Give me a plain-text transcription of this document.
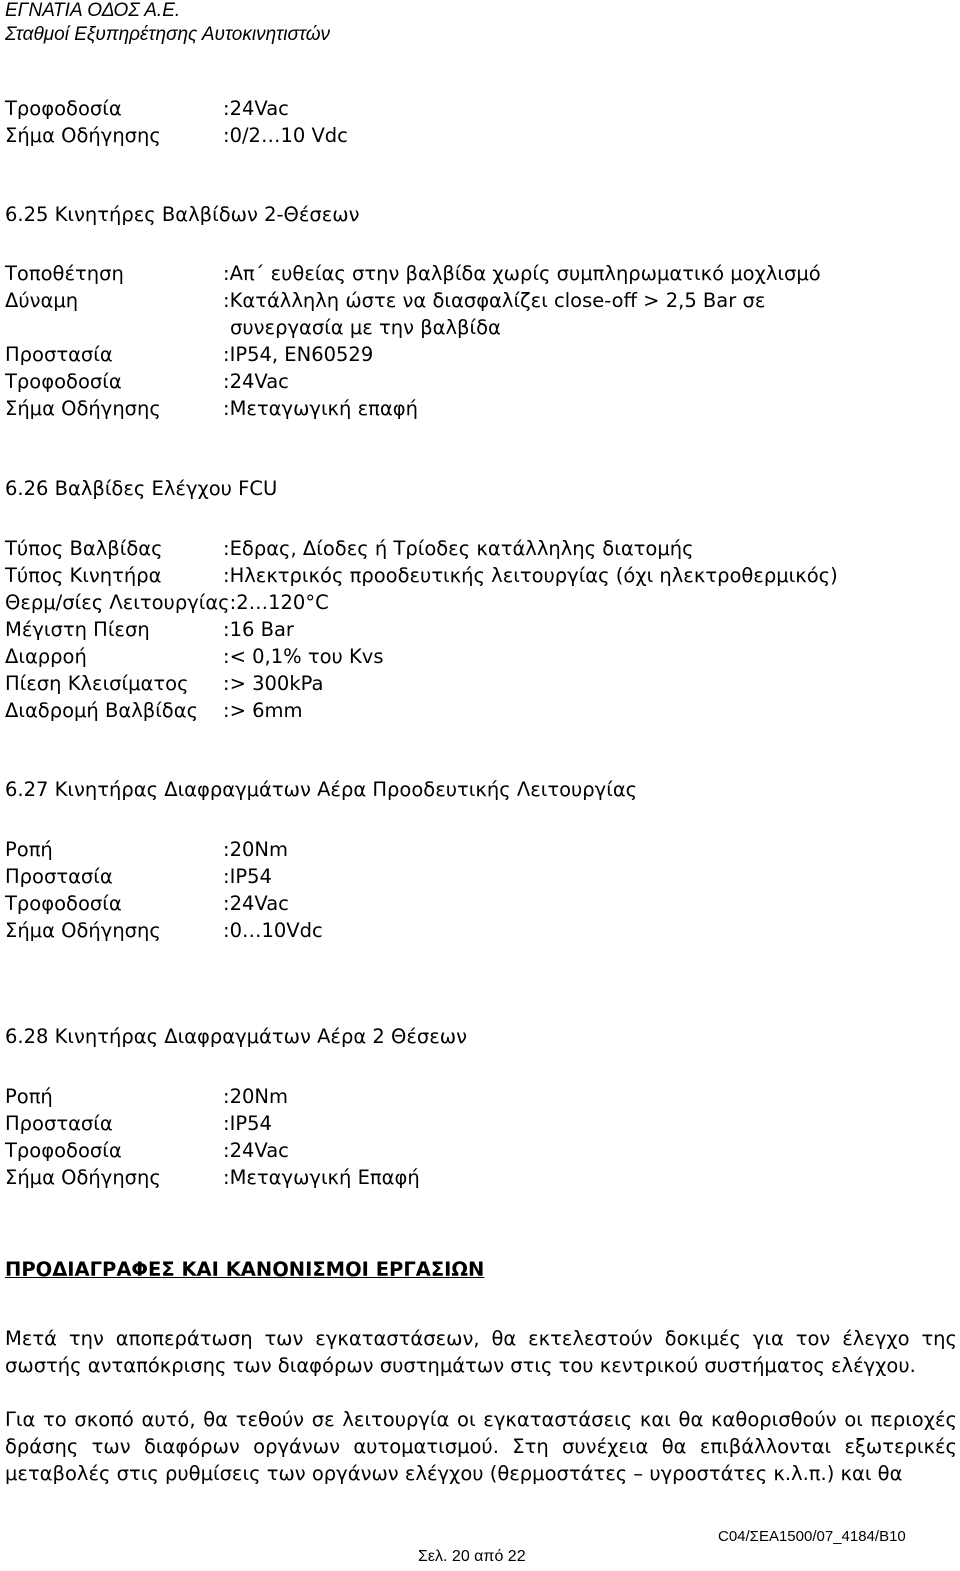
ΕΓΝΑΤΙΑ ΟΔΟΣ Α.Ε.
Σταθμοί Εξυπηρέτησης Αυτοκινητιστών
Τροφοδοσία	:24Vac
Σήμα Οδήγησης	:0/2…10 Vdc
6.25 Κινητήρες Βαλβίδων 2-Θέσεων
Τοποθέτηση	:Απ΄ ευθείας στην βαλβίδα χωρίς συμπληρωματικό μοχλισμό
Δύναμη	:Κατάλληλη ώστε να διασφαλίζει close-off > 2,5 Bar σε
συνεργασία με την βαλβίδα
Προστασία	:IP54, EN60529
Τροφοδοσία	:24Vac
Σήμα Οδήγησης	:Μεταγωγική επαφή
6.26 Βαλβίδες Ελέγχου FCU
Τύπος Βαλβίδας	:Εδρας, Δίοδες ή Τρίοδες κατάλληλης διατομής
Τύπος Κινητήρα	:Ηλεκτρικός προοδευτικής λειτουργίας (όχι ηλεκτροθερμικός)
Θερμ/σίες Λειτουργίας:2…120°C
Μέγιστη Πίεση	:16 Bar
Διαρροή	:< 0,1% του Kvs
Πίεση Κλεισίματος :> 300kPa
Διαδρομή Βαλβίδας :> 6mm
6.27 Κινητήρας Διαφραγμάτων Αέρα Προοδευτικής Λειτουργίας
Ροπή	:20Nm
Προστασία	:IP54
Τροφοδοσία	:24Vac
Σήμα Οδήγησης	:0…10Vdc
6.28 Κινητήρας Διαφραγμάτων Αέρα 2 Θέσεων
Ροπή	:20Nm
Προστασία	:IP54
Τροφοδοσία	:24Vac
Σήμα Οδήγησης	:Μεταγωγική Επαφή
ΠΡΟΔΙΑΓΡΑΦΕΣ ΚΑΙ ΚΑΝΟΝΙΣΜΟΙ ΕΡΓΑΣΙΩΝ
Μετά την αποπεράτωση των εγκαταστάσεων, θα εκτελεστούν δοκιμές για τον έλεγχο της σωστής ανταπόκρισης των διαφόρων συστημάτων στις του κεντρικού συστήματος ελέγχου.
Για το σκοπό αυτό, θα τεθούν σε λειτουργία οι εγκαταστάσεις και θα καθορισθούν οι περιοχές δράσης των διαφόρων οργάνων αυτοματισμού. Στη συνέχεια θα επιβάλλονται εξωτερικές μεταβολές στις ρυθμίσεις των οργάνων ελέγχου (θερμοστάτες – υγροστάτες κ.λ.π.) και θα
C04/ΣΕΑ1500/07_4184/B10
Σελ. 20 από 22
